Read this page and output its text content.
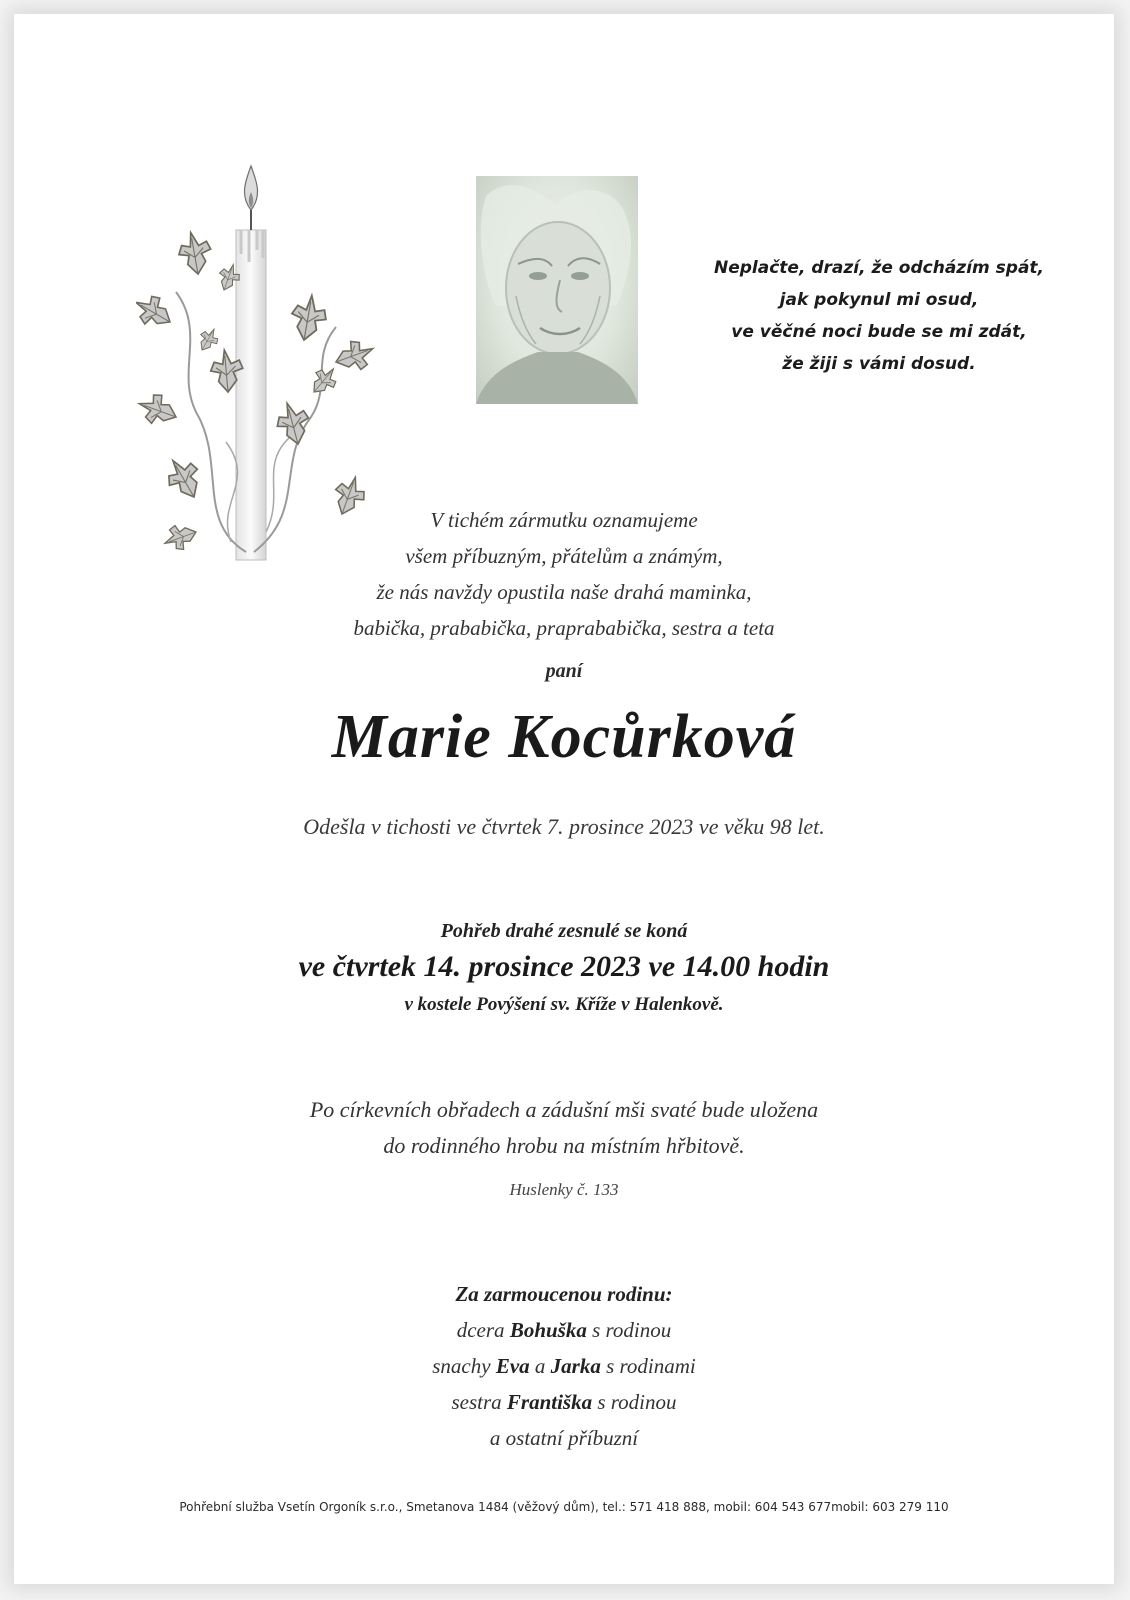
Neplačte, drazí, že odcházím spát,
jak pokynul mi osud,
ve věčné noci bude se mi zdát,
že žiji s vámi dosud.
V tichém zármutku oznamujeme
všem příbuzným, přátelům a známým,
že nás navždy opustila naše drahá maminka,
babička, prababička, praprababička, sestra a teta
paní
Marie Kocůrková
Odešla v tichosti ve čtvrtek 7. prosince 2023 ve věku 98 let.
Pohřeb drahé zesnulé se koná
ve čtvrtek 14. prosince 2023 ve 14.00 hodin
v kostele Povýšení sv. Kříže v Halenkově.
Po církevních obřadech a zádušní mši svaté bude uložena
do rodinného hrobu na místním hřbitově.
Huslenky č. 133
Za zarmoucenou rodinu:
dcera Bohuška s rodinou
snachy Eva a Jarka s rodinami
sestra Františka s rodinou
a ostatní příbuzní
Pohřební služba Vsetín Orgoník s.r.o., Smetanova 1484 (věžový dům), tel.: 571 418 888, mobil: 604 543 677mobil: 603 279 110
